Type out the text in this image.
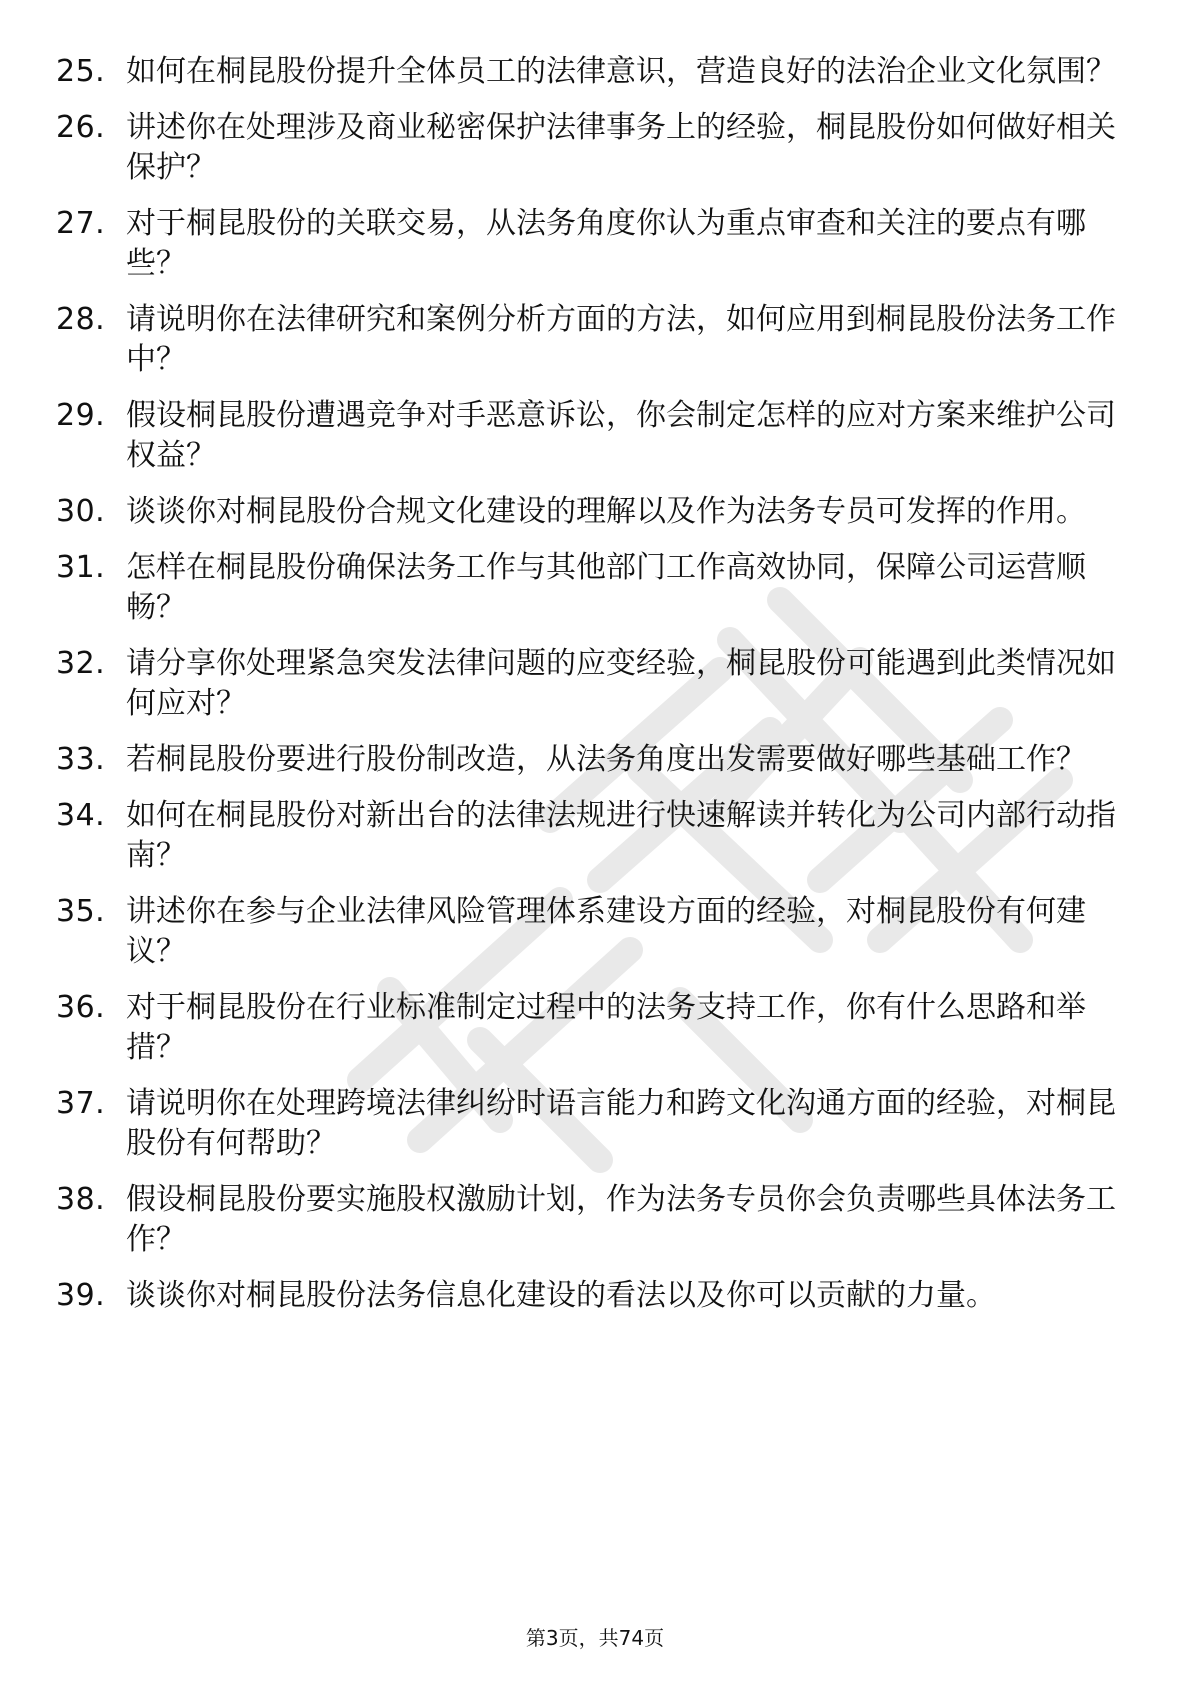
25. 如何在桐昆股份提升全体员工的法律意识，营造良好的法治企业文化氛围？
26. 讲述你在处理涉及商业秘密保护法律事务上的经验，桐昆股份如何做好相关保护？
27. 对于桐昆股份的关联交易，从法务角度你认为重点审查和关注的要点有哪些？
28. 请说明你在法律研究和案例分析方面的方法，如何应用到桐昆股份法务工作中？
29. 假设桐昆股份遭遇竞争对手恶意诉讼，你会制定怎样的应对方案来维护公司权益？
30. 谈谈你对桐昆股份合规文化建设的理解以及作为法务专员可发挥的作用。
31. 怎样在桐昆股份确保法务工作与其他部门工作高效协同，保障公司运营顺畅？
32. 请分享你处理紧急突发法律问题的应变经验，桐昆股份可能遇到此类情况如何应对？
33. 若桐昆股份要进行股份制改造，从法务角度出发需要做好哪些基础工作？
34. 如何在桐昆股份对新出台的法律法规进行快速解读并转化为公司内部行动指南？
35. 讲述你在参与企业法律风险管理体系建设方面的经验，对桐昆股份有何建议？
36. 对于桐昆股份在行业标准制定过程中的法务支持工作，你有什么思路和举措？
37. 请说明你在处理跨境法律纠纷时语言能力和跨文化沟通方面的经验，对桐昆股份有何帮助？
38. 假设桐昆股份要实施股权激励计划，作为法务专员你会负责哪些具体法务工作？
39. 谈谈你对桐昆股份法务信息化建设的看法以及你可以贡献的力量。
第3页，共74页
